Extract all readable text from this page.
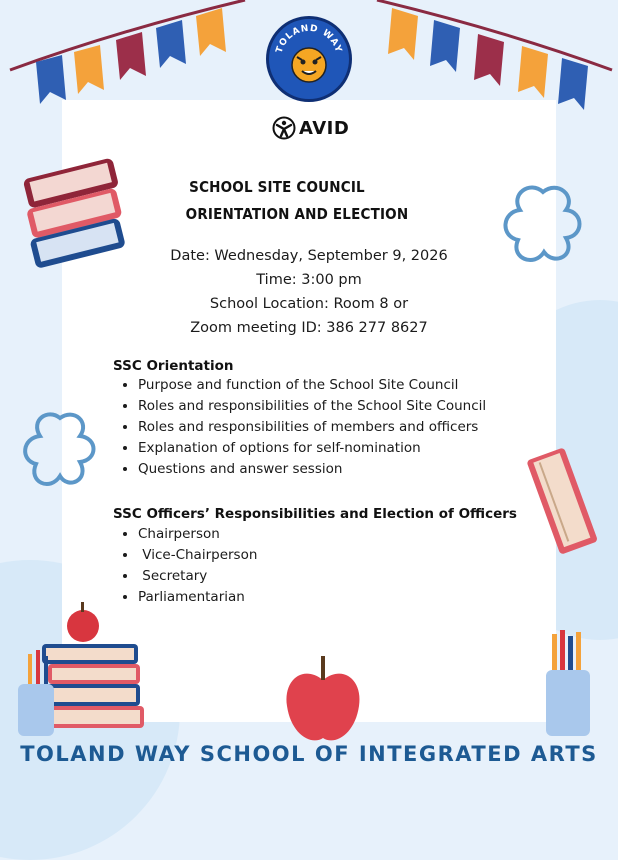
TOLAND WAY
AVID
SCHOOL SITE COUNCIL
ORIENTATION AND ELECTION
Date: Wednesday, September 9, 2026
Time: 3:00 pm
School Location: Room 8 or
Zoom meeting ID: 386 277 8627
SSC Orientation
• Purpose and function of the School Site Council
• Roles and responsibilities of the School Site Council
• Roles and responsibilities of members and officers
• Explanation of options for self-nomination
• Questions and answer session
SSC Officers’ Responsibilities and Election of Officers
• Chairperson
•  Vice-Chairperson
•  Secretary
• Parliamentarian
TOLAND WAY SCHOOL OF INTEGRATED ARTS
